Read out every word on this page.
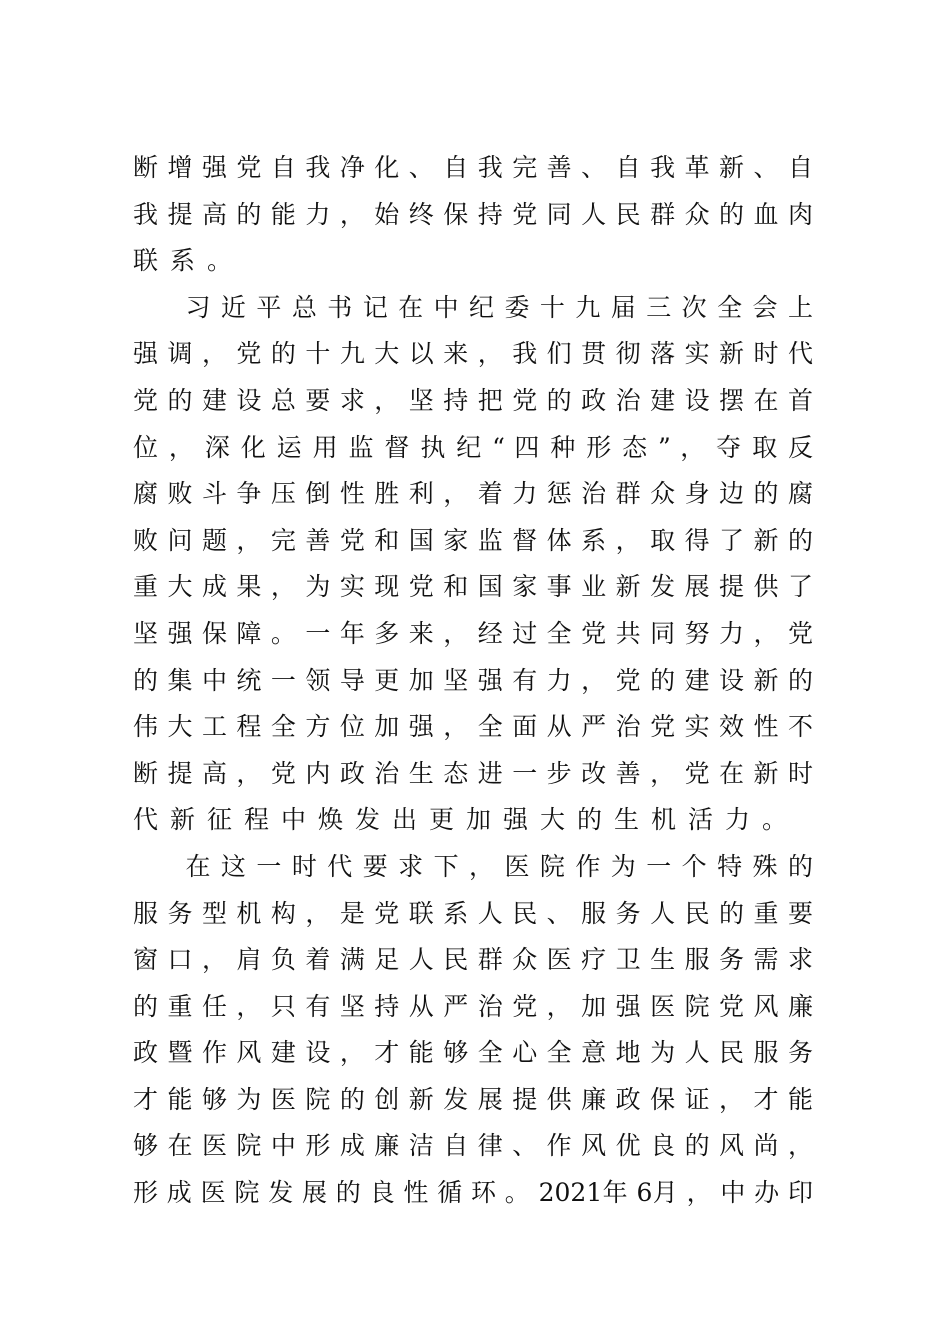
断 增 强 党 自 我 净 化 、 自 我 完 善 、 自 我 革 新 、 自
我 提 高 的 能 力 ， 始 终 保 持 党 同 人 民 群 众 的 血 肉
联系。
　　习 近 平 总 书 记 在 中 纪 委 十 九 届 三 次 全 会 上
强 调 ， 党 的 十 九 大 以 来 ， 我 们 贯 彻 落 实 新 时 代
党 的 建 设 总 要 求 ， 坚 持 把 党 的 政 治 建 设 摆 在 首
位 ， 深 化 运 用 监 督 执 纪 “ 四 种 形 态 ” ， 夺 取 反
腐 败 斗 争 压 倒 性 胜 利 ， 着 力 惩 治 群 众 身 边 的 腐
败 问 题 ， 完 善 党 和 国 家 监 督 体 系 ， 取 得 了 新 的
重 大 成 果 ， 为 实 现 党 和 国 家 事 业 新 发 展 提 供 了
坚 强 保 障 。 一 年 多 来 ， 经 过 全 党 共 同 努 力 ， 党
的 集 中 统 一 领 导 更 加 坚 强 有 力 ， 党 的 建 设 新 的
伟 大 工 程 全 方 位 加 强 ， 全 面 从 严 治 党 实 效 性 不
断 提 高 ， 党 内 政 治 生 态 进 一 步 改 善 ， 党 在 新 时
代新征程中焕发出更加强大的生机活力。
　　在 这 一 时 代 要 求 下 ， 医 院 作 为 一 个 特 殊 的
服 务 型 机 构 ， 是 党 联 系 人 民 、 服 务 人 民 的 重 要
窗 口 ， 肩 负 着 满 足 人 民 群 众 医 疗 卫 生 服 务 需 求
的 重 任 ， 只 有 坚 持 从 严 治 党 ， 加 强 医 院 党 风 廉
政 暨 作 风 建 设 ， 才 能 够 全 心 全 意 地 为 人 民 服 务
才 能 够 为 医 院 的 创 新 发 展 提 供 廉 政 保 证 ， 才 能
够 在 医 院 中 形 成 廉 洁 自 律 、 作 风 优 良 的 风 尚 ，
形 成 医 院 发 展 的 良 性 循 环 。 2021年 6月 ， 中 办 印
